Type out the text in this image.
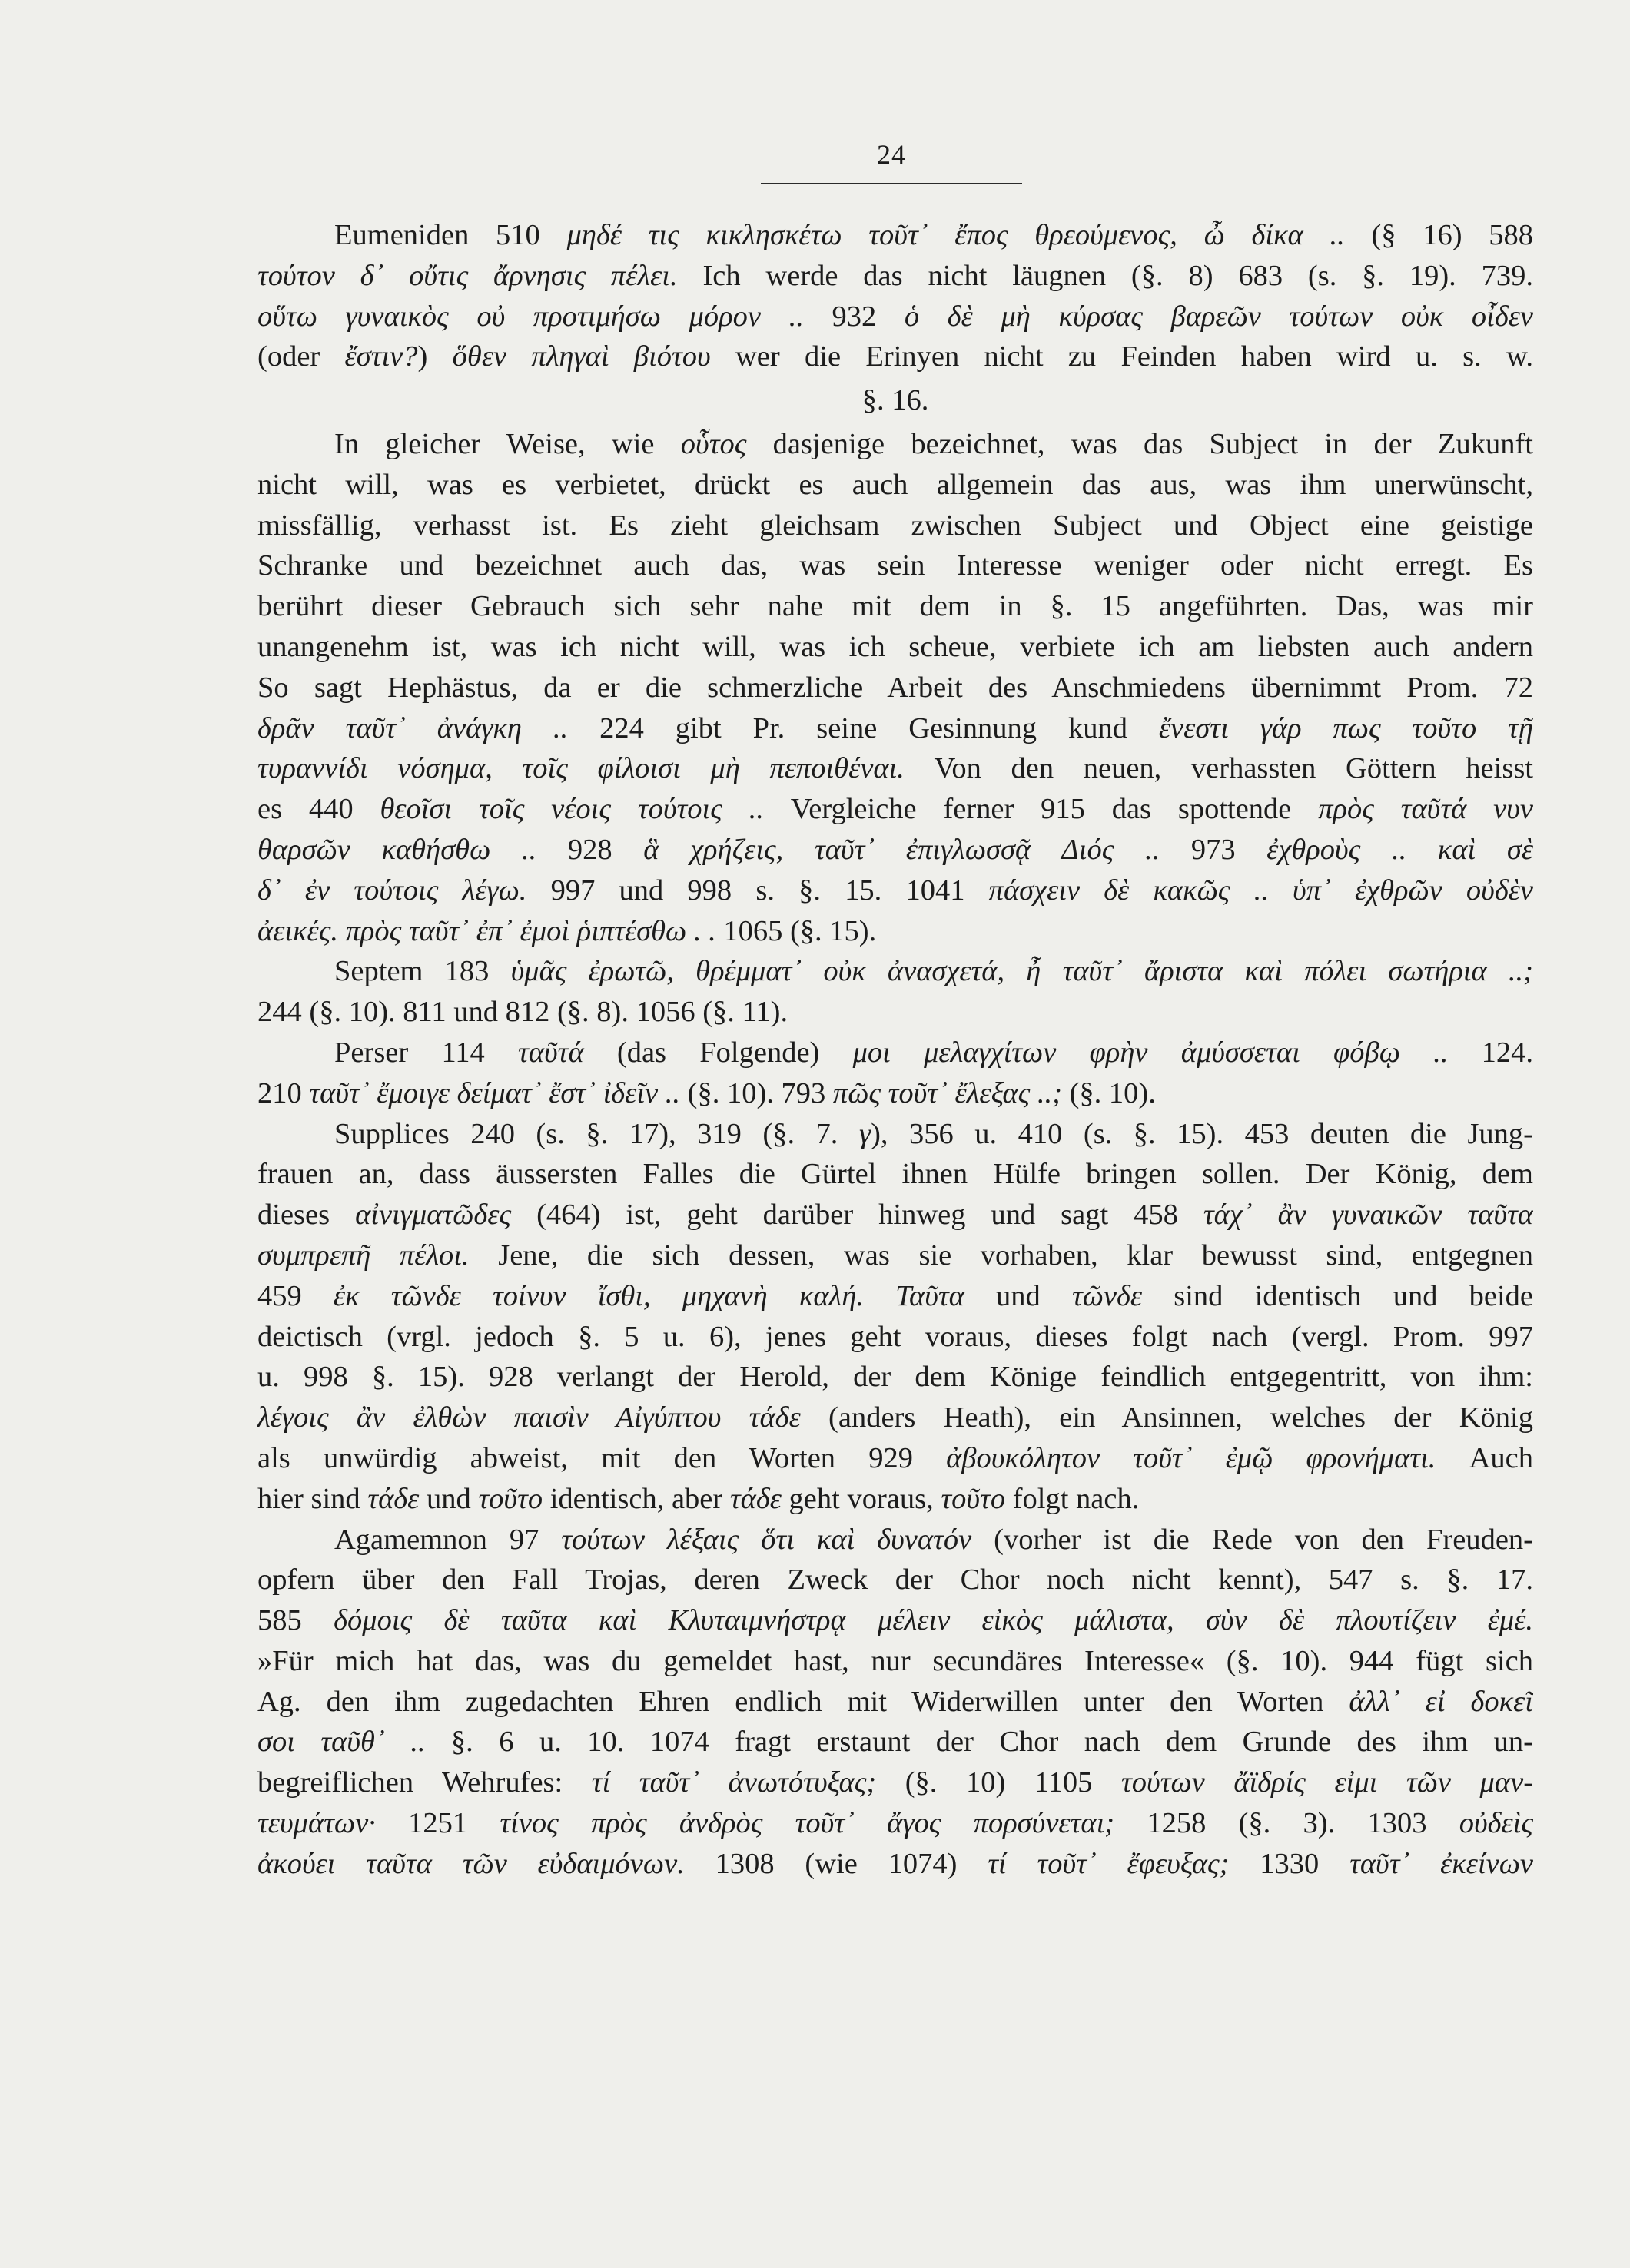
24
Eumeniden 510 μηδέ τις κικλησκέτω τοῦτ᾽ ἔπος θρεούμενος, ὦ δίκα .. (§ 16) 588
τούτον δ᾽ οὔτις ἄρνησις πέλει. Ich werde das nicht läugnen (§. 8) 683 (s. §. 19). 739.
οὕτω γυναικὸς οὐ προτιμήσω μόρον .. 932 ὁ δὲ μὴ κύρσας βαρεῶν τούτων οὐκ οἶδεν
(oder ἔστιν?) ὅθεν πληγαὶ βιότου wer die Erinyen nicht zu Feinden haben wird u. s. w.
§. 16.
In gleicher Weise, wie οὗτος dasjenige bezeichnet, was das Subject in der Zukunft
nicht will, was es verbietet, drückt es auch allgemein das aus, was ihm unerwünscht,
missfällig, verhasst ist. Es zieht gleichsam zwischen Subject und Object eine geistige
Schranke und bezeichnet auch das, was sein Interesse weniger oder nicht erregt. Es
berührt dieser Gebrauch sich sehr nahe mit dem in §. 15 angeführten. Das, was mir
unangenehm ist, was ich nicht will, was ich scheue, verbiete ich am liebsten auch andern
So sagt Hephästus, da er die schmerzliche Arbeit des Anschmiedens übernimmt Prom. 72
δρᾶν ταῦτ᾽ ἀνάγκη .. 224 gibt Pr. seine Gesinnung kund ἔνεστι γάρ πως τοῦτο τῇ
τυραννίδι νόσημα, τοῖς φίλοισι μὴ πεποιθέναι. Von den neuen, verhassten Göttern heisst
es 440 θεοῖσι τοῖς νέοις τούτοις .. Vergleiche ferner 915 das spottende πρὸς ταῦτά νυν
θαρσῶν καθήσθω .. 928 ἃ χρήζεις, ταῦτ᾽ ἐπιγλωσσᾷ Διός .. 973 ἐχθροὺς .. καὶ σὲ
δ᾽ ἐν τούτοις λέγω. 997 und 998 s. §. 15. 1041 πάσχειν δὲ κακῶς .. ὑπ᾽ ἐχθρῶν οὐδὲν
ἀεικές. πρὸς ταῦτ᾽ ἐπ᾽ ἐμοὶ ῥιπτέσθω . . 1065 (§. 15).
Septem 183 ὑμᾶς ἐρωτῶ, θρέμματ᾽ οὐκ ἀνασχετά, ἦ ταῦτ᾽ ἄριστα καὶ πόλει σωτήρια ..;
244 (§. 10). 811 und 812 (§. 8). 1056 (§. 11).
Perser 114 ταῦτά (das Folgende) μοι μελαγχίτων φρὴν ἀμύσσεται φόβῳ .. 124.
210 ταῦτ᾽ ἔμοιγε δείματ᾽ ἔστ᾽ ἰδεῖν .. (§. 10). 793 πῶς τοῦτ᾽ ἔλεξας ..; (§. 10).
Supplices 240 (s. §. 17), 319 (§. 7. γ), 356 u. 410 (s. §. 15). 453 deuten die Jung-
frauen an, dass äussersten Falles die Gürtel ihnen Hülfe bringen sollen. Der König, dem
dieses αἰνιγματῶδες (464) ist, geht darüber hinweg und sagt 458 τάχ᾽ ἂν γυναικῶν ταῦτα
συμπρεπῆ πέλοι. Jene, die sich dessen, was sie vorhaben, klar bewusst sind, entgegnen
459 ἐκ τῶνδε τοίνυν ἴσθι, μηχανὴ καλή. Ταῦτα und τῶνδε sind identisch und beide
deictisch (vrgl. jedoch §. 5 u. 6), jenes geht voraus, dieses folgt nach (vergl. Prom. 997
u. 998 §. 15). 928 verlangt der Herold, der dem Könige feindlich entgegentritt, von ihm:
λέγοις ἂν ἐλθὼν παισὶν Αἰγύπτου τάδε (anders Heath), ein Ansinnen, welches der König
als unwürdig abweist, mit den Worten 929 ἀβουκόλητον τοῦτ᾽ ἐμῷ φρονήματι. Auch
hier sind τάδε und τοῦτο identisch, aber τάδε geht voraus, τοῦτο folgt nach.
Agamemnon 97 τούτων λέξαις ὅτι καὶ δυνατόν (vorher ist die Rede von den Freuden-
opfern über den Fall Trojas, deren Zweck der Chor noch nicht kennt), 547 s. §. 17.
585 δόμοις δὲ ταῦτα καὶ Κλυταιμνήστρᾳ μέλειν εἰκὸς μάλιστα, σὺν δὲ πλουτίζειν ἐμέ.
»Für mich hat das, was du gemeldet hast, nur secundäres Interesse« (§. 10). 944 fügt sich
Ag. den ihm zugedachten Ehren endlich mit Widerwillen unter den Worten ἀλλ᾽ εἰ δοκεῖ
σοι ταῦθ᾽ .. §. 6 u. 10. 1074 fragt erstaunt der Chor nach dem Grunde des ihm un-
begreiflichen Wehrufes: τί ταῦτ᾽ ἀνωτότυξας; (§. 10) 1105 τούτων ἄϊδρίς εἰμι τῶν μαν-
τευμάτων· 1251 τίνος πρὸς ἀνδρὸς τοῦτ᾽ ἄγος πορσύνεται; 1258 (§. 3). 1303 οὐδεὶς
ἀκούει ταῦτα τῶν εὐδαιμόνων. 1308 (wie 1074) τί τοῦτ᾽ ἔφευξας; 1330 ταῦτ᾽ ἐκείνων
